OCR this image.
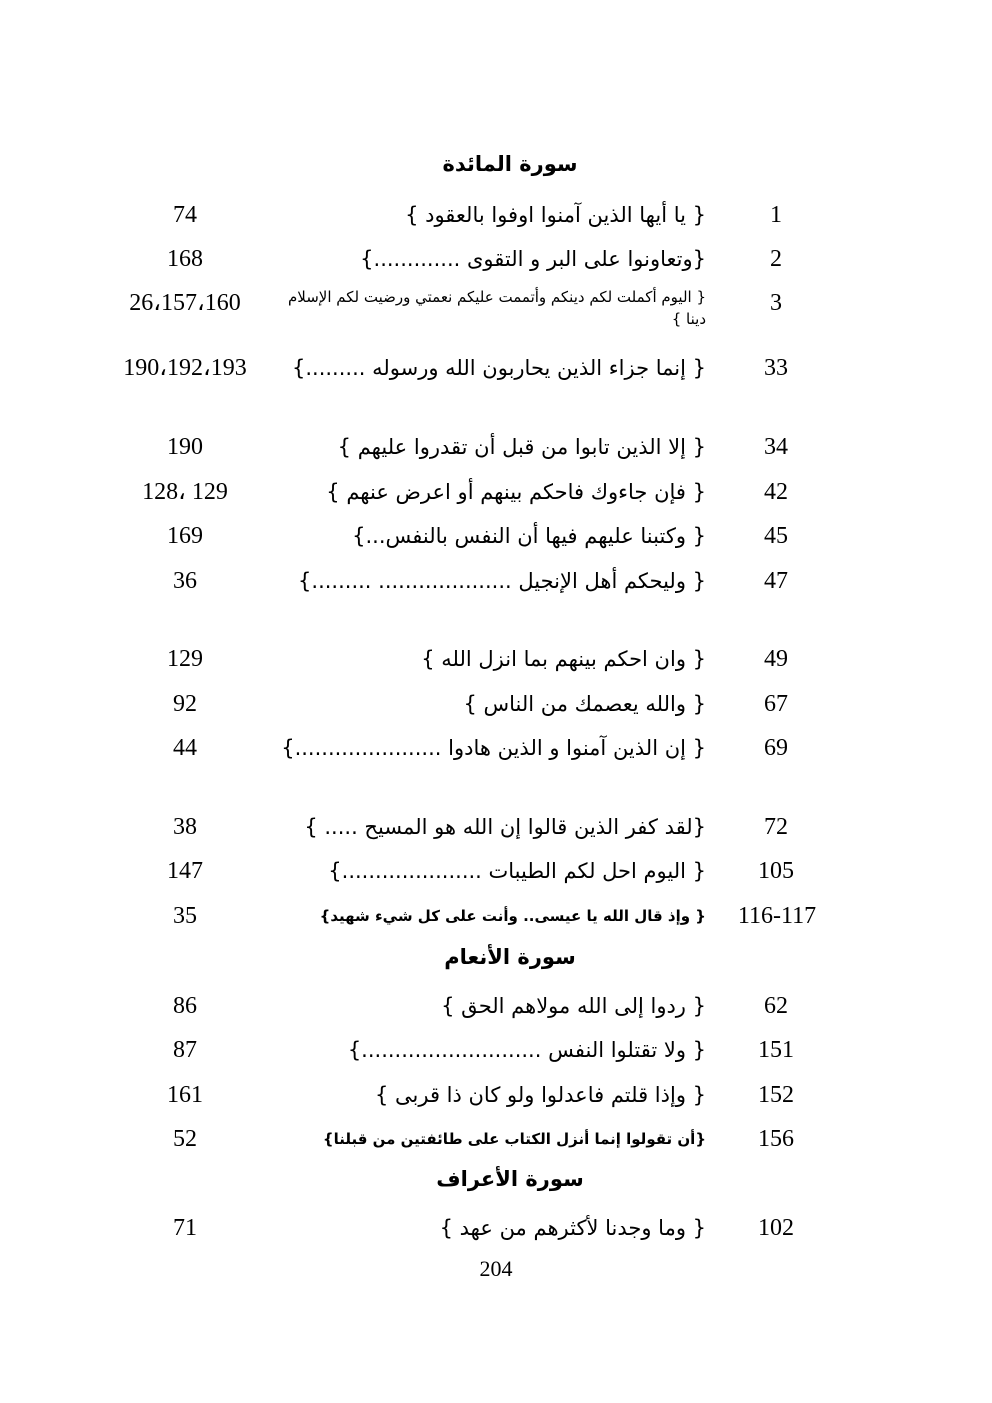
سورة المائدة
1
{ يا أيها الذين آمنوا اوفوا بالعقود }
74
2
{وتعاونوا على البر و التقوى .............}
168
3
{ اليوم أكملت لكم دينكم وأتممت عليكم نعمتي ورضيت لكم الإسلام دينا }
26،157،160
33
{ إنما جزاء الذين يحاربون الله ورسوله .........}
190،192،193
34
{ إلا الذين تابوا من قبل أن تقدروا عليهم }
190
42
{ فإن جاءوك فاحكم بينهم أو اعرض عنهم }
128، 129
45
{ وكتبنا عليهم فيها أن النفس بالنفس...}
169
47
{ وليحكم أهل الإنجيل .................... .........}
36
49
{ وان احكم بينهم بما انزل الله }
129
67
{ والله يعصمك من الناس }
92
69
{ إن الذين آمنوا و الذين هادوا ......................}
44
72
{لقد كفر الذين قالوا إن الله هو المسيح ..... }
38
105
{ اليوم احل لكم الطيبات .....................}
147
116-117
{ وإذ قال الله يا عيسى.. وأنت على كل شيء شهيد}
35
سورة الأنعام
62
{ ردوا إلى الله مولاهم الحق }
86
151
{ ولا تقتلوا النفس ...........................}
87
152
{ وإذا قلتم فاعدلوا ولو كان ذا قربى }
161
156
{أن تقولوا إنما أنزل الكتاب على طائفتين من قبلنا}
52
سورة الأعراف
102
{ وما وجدنا لأكثرهم من عهد }
71
204
